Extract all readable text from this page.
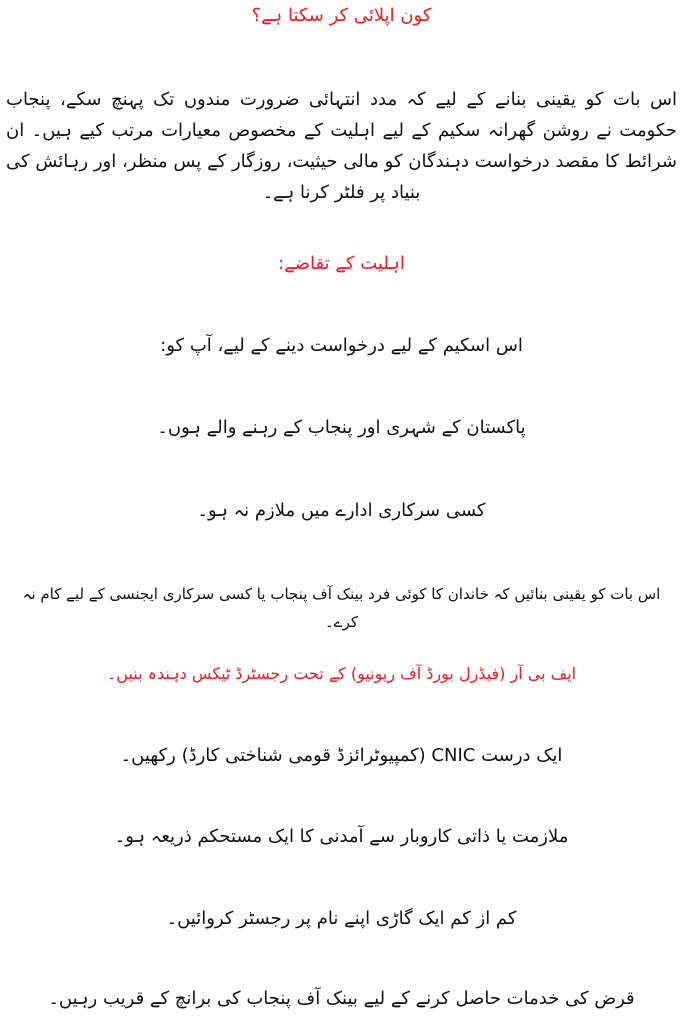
کون اپلائی کر سکتا ہے؟
اس بات کو یقینی بنانے کے لیے کہ مدد انتہائی ضرورت مندوں تک پہنچ سکے، پنجاب حکومت نے روشن گھرانہ سکیم کے لیے اہلیت کے مخصوص معیارات مرتب کیے ہیں۔ ان شرائط کا مقصد درخواست دہندگان کو مالی حیثیت، روزگار کے پس منظر، اور رہائش کی بنیاد پر فلٹر کرنا ہے۔
اہلیت کے تقاضے:
اس اسکیم کے لیے درخواست دینے کے لیے، آپ کو:
پاکستان کے شہری اور پنجاب کے رہنے والے ہوں۔
کسی سرکاری ادارے میں ملازم نہ ہو۔
اس بات کو یقینی بنائیں کہ خاندان کا کوئی فرد بینک آف پنجاب یا کسی سرکاری ایجنسی کے لیے کام نہ کرے۔
ایف بی آر (فیڈرل بورڈ آف ریونیو) کے تحت رجسٹرڈ ٹیکس دہندہ بنیں۔
ایک درست CNIC (کمپیوٹرائزڈ قومی شناختی کارڈ) رکھیں۔
ملازمت یا ذاتی کاروبار سے آمدنی کا ایک مستحکم ذریعہ ہو۔
کم از کم ایک گاڑی اپنے نام پر رجسٹر کروائیں۔
قرض کی خدمات حاصل کرنے کے لیے بینک آف پنجاب کی برانچ کے قریب رہیں۔
